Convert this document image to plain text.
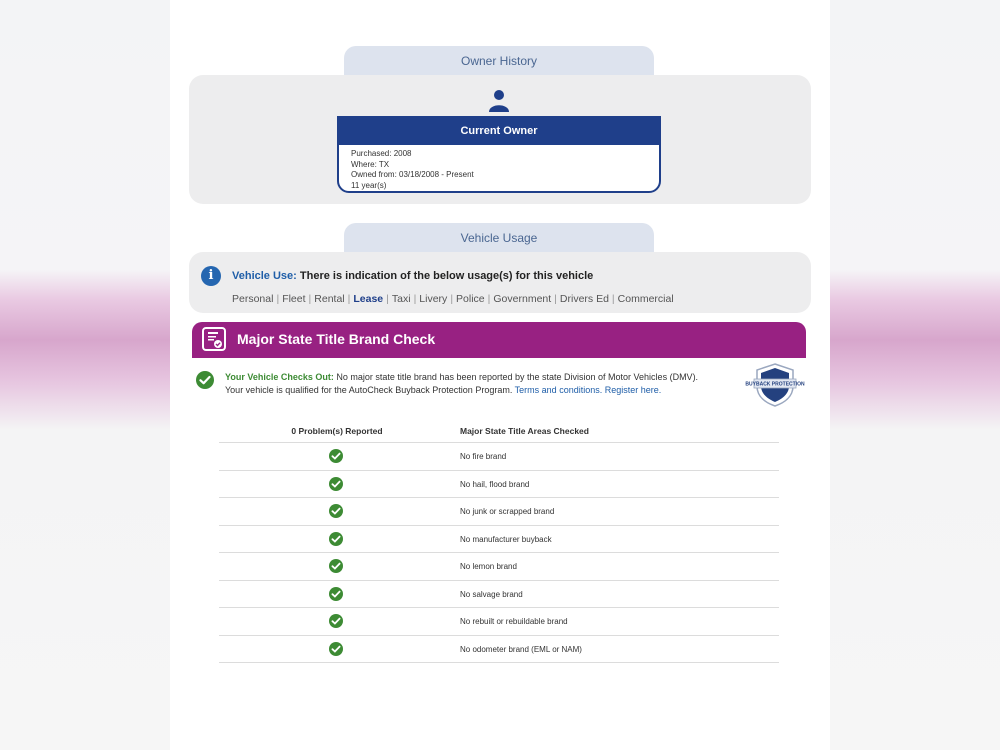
Owner History
Current Owner
Purchased: 2008
Where: TX
Owned from: 03/18/2008 - Present
11 year(s)
Vehicle Usage
i	Vehicle Use: There is indication of the below usage(s) for this vehicle
Personal | Fleet | Rental | Lease | Taxi | Livery | Police | Government | Drivers Ed | Commercial
Major State Title Brand Check
Your Vehicle Checks Out: No major state title brand has been reported by the state Division of Motor Vehicles (DMV).
Your vehicle is qualified for the AutoCheck Buyback Protection Program. Terms and conditions. Register here.
BUYBACK PROTECTION
0 Problem(s) Reported	Major State Title Areas Checked
No fire brand
No hail, flood brand
No junk or scrapped brand
No manufacturer buyback
No lemon brand
No salvage brand
No rebuilt or rebuildable brand
No odometer brand (EML or NAM)
